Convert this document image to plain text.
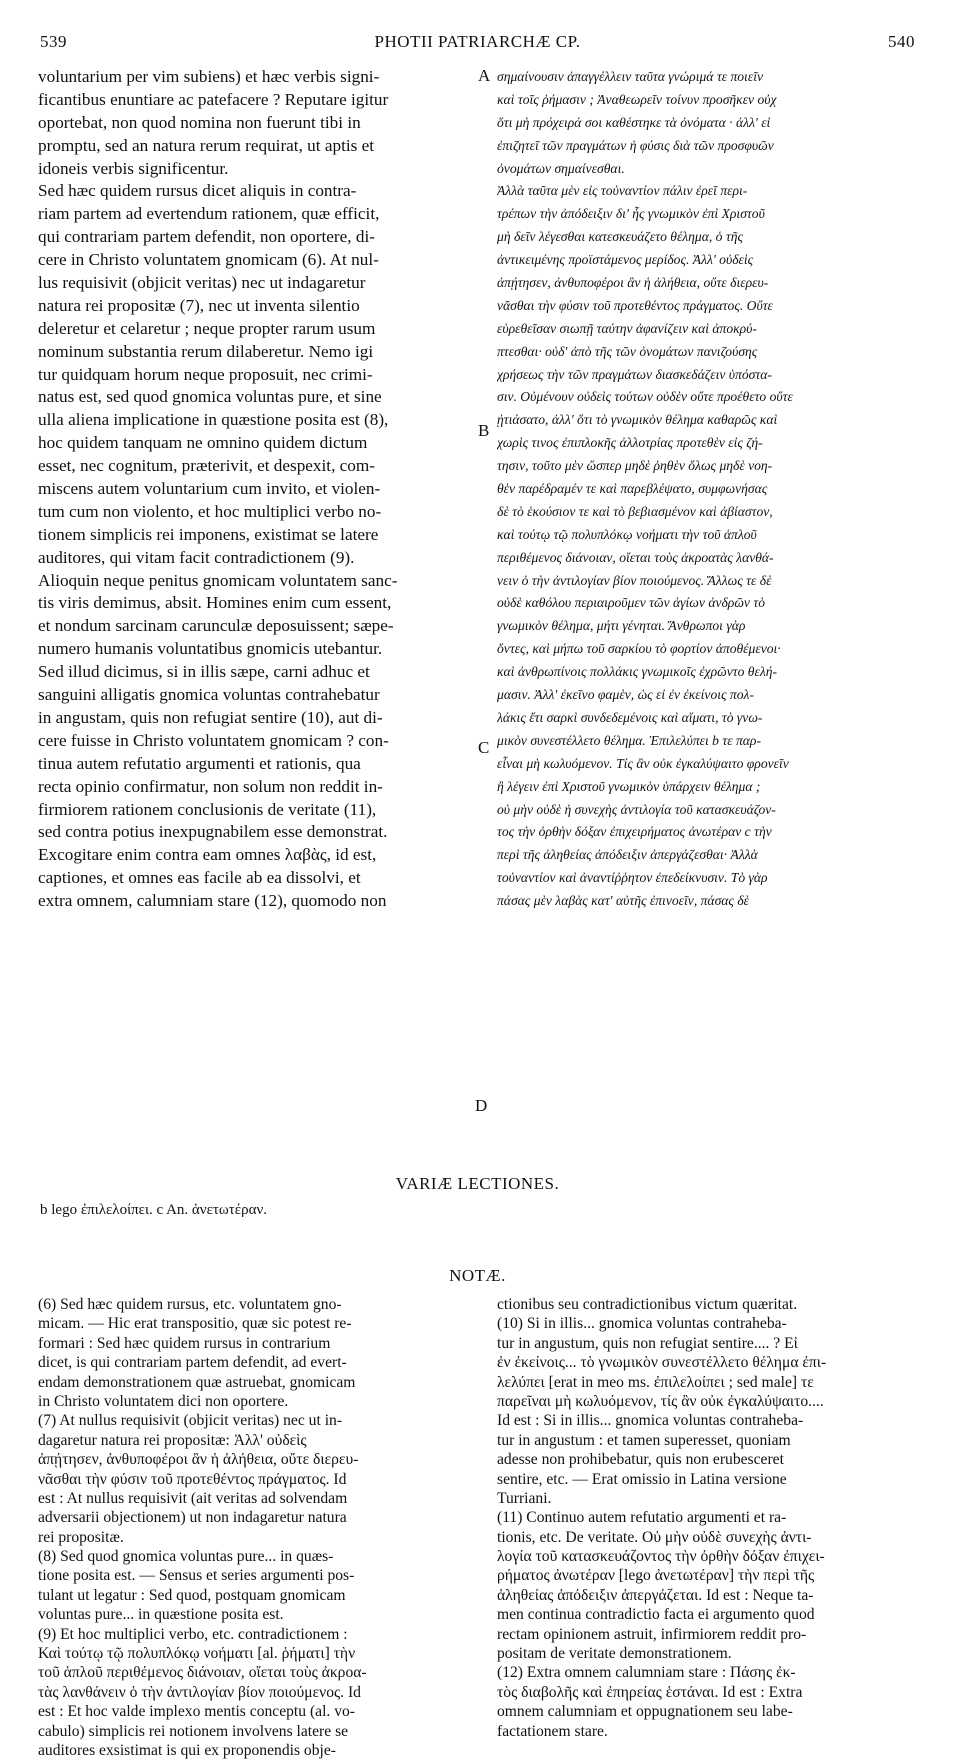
539	PHOTII PATRIARCHÆ CP.	540
voluntarium per vim subiens) et hæc verbis signi-
ficantibus enuntiare ac patefacere ? Reputare igitur
oportebat, non quod nomina non fuerunt tibi in
promptu, sed an natura rerum requirat, ut aptis et
idoneis verbis significentur.
Sed hæc quidem rursus dicet aliquis in contra-
riam partem ad evertendum rationem, quæ efficit,
qui contrariam partem defendit, non oportere, di-
cere in Christo voluntatem gnomicam (6). At nul-
lus requisivit (objicit veritas) nec ut indagaretur
natura rei propositæ (7), nec ut inventa silentio
deleretur et celaretur ; neque propter rarum usum
nominum substantia rerum dilaberetur. Nemo igi
tur quidquam horum neque proposuit, nec crimi-
natus est, sed quod gnomica voluntas pure, et sine
ulla aliena implicatione in quæstione posita est (8),
hoc quidem tanquam ne omnino quidem dictum
esset, nec cognitum, præterivit, et despexit, com-
miscens autem voluntarium cum invito, et violen-
tum cum non violento, et hoc multiplici verbo no-
tionem simplicis rei imponens, existimat se latere
auditores, qui vitam facit contradictionem (9).
Alioquin neque penitus gnomicam voluntatem sanc-
tis viris demimus, absit. Homines enim cum essent,
et nondum sarcinam carunculæ deposuissent; sæpe-
numero humanis voluntatibus gnomicis utebantur.
Sed illud dicimus, si in illis sæpe, carni adhuc et
sanguini alligatis gnomica voluntas contrahebatur
in angustam, quis non refugiat sentire (10), aut di-
cere fuisse in Christo voluntatem gnomicam ? con-
tinua autem refutatio argumenti et rationis, qua
recta opinio confirmatur, non solum non reddit in-
firmiorem rationem conclusionis de veritate (11),
sed contra potius inexpugnabilem esse demonstrat.
Excogitare enim contra eam omnes λαβὰς, id est,
captiones, et omnes eas facile ab ea dissolvi, et
extra omnem, calumniam stare (12), quomodo non
σημαίνουσιν ἀπαγγέλλειν ταῦτα γνώριμά τε ποιεῖν
καὶ τοῖς ῥήμασιν ; Ἀναθεωρεῖν τοίνυν προσῆκεν οὐχ
ὅτι μὴ πρόχειρά σοι καθέστηκε τὰ ὀνόματα · ἀλλ' εἰ
ἐπιζητεῖ τῶν πραγμάτων ἡ φύσις διὰ τῶν προσφυῶν
ὀνομάτων σημαίνεσθαι.
Ἀλλὰ ταῦτα μὲν εἰς τοὐναντίον πάλιν ἐρεῖ περι-
τρέπων τὴν ἀπόδειξιν δι' ἧς γνωμικὸν ἐπὶ Χριστοῦ
μὴ δεῖν λέγεσθαι κατεσκευάζετο θέλημα, ὁ τῆς
ἀντικειμένης προϊστάμενος μερίδος. Ἀλλ' οὐδεὶς
ἀπῄτησεν, ἀνθυποφέροι ἂν ἡ ἀλήθεια, οὔτε διερευ-
νᾶσθαι τὴν φύσιν τοῦ προτεθέντος πράγματος. Οὔτε
εὑρεθεῖσαν σιωπῇ ταύτην ἀφανίζειν καὶ ἀποκρύ-
πτεσθαι· οὐδ' ἀπὸ τῆς τῶν ὀνομάτων πανιζούσης
χρήσεως τὴν τῶν πραγμάτων διασκεδάζειν ὑπόστα-
σιν. Οὐμένουν οὐδεὶς τούτων οὐδὲν οὔτε προέθετο οὔτε
ᾐτιάσατο, ἀλλ' ὅτι τὸ γνωμικὸν θέλημα καθαρῶς καὶ
χωρὶς τινος ἐπιπλοκῆς ἀλλοτρίας προτεθὲν εἰς ζή-
τησιν, τοῦτο μὲν ὥσπερ μηδὲ ῥηθὲν ὅλως μηδὲ νοη-
θὲν παρέδραμέν τε καὶ παρεβλέψατο, συμφωνήσας
δὲ τὸ ἑκούσιον τε καὶ τὸ βεβιασμένον καὶ ἀβίαστον,
καὶ τούτῳ τῷ πολυπλόκῳ νοήματι τὴν τοῦ ἁπλοῦ
περιθέμενος διάνοιαν, οἴεται τοὺς ἀκροατὰς λανθά-
νειν ὁ τὴν ἀντιλογίαν βίον ποιούμενος. Ἄλλως τε δὲ
οὐδὲ καθόλου περιαιροῦμεν τῶν ἁγίων ἀνδρῶν τὸ
γνωμικὸν θέλημα, μήτι γένηται. Ἄνθρωποι γὰρ
ὄντες, καὶ μήπω τοῦ σαρκίου τὸ φορτίον ἀποθέμενοι·
καὶ ἀνθρωπίνοις πολλάκις γνωμικοῖς ἐχρῶντο θελή-
μασιν. Ἀλλ' ἐκεῖνο φαμὲν, ὡς εἰ ἐν ἐκείνοις πολ-
λάκις ἔτι σαρκὶ συνδεδεμένοις καὶ αἵματι, τὸ γνω-
μικὸν συνεστέλλετο θέλημα. Ἐπιλελύπει b τε παρ-
εἶναι μὴ κωλυόμενον. Τίς ἂν οὐκ ἐγκαλύψαιτο φρονεῖν
ἢ λέγειν ἐπὶ Χριστοῦ γνωμικὸν ὑπάρχειν θέλημα ;
οὐ μὴν οὐδὲ ἡ συνεχὴς ἀντιλογία τοῦ κατασκευάζον-
τος τὴν ὀρθὴν δόξαν ἐπιχειρήματος ἀνωτέραν c τὴν
περὶ τῆς ἀληθείας ἀπόδειξιν ἀπεργάζεσθαι· Ἀλλὰ
τοὐναντίον καὶ ἀναντίῤῥητον ἐπεδείκνυσιν. Τὸ γὰρ
πάσας μὲν λαβὰς κατ' αὐτῆς ἐπινοεῖν, πάσας δὲ
A
B
C
D
VARIÆ LECTIONES.
b lego ἐπιλελοίπει. c An. ἀνετωτέραν.
NOTÆ.
(6) Sed hæc quidem rursus, etc. voluntatem gno-
micam. — Hic erat transpositio, quæ sic potest re-
formari : Sed hæc quidem rursus in contrarium
dicet, is qui contrariam partem defendit, ad evert-
endam demonstrationem quæ astruebat, gnomicam
in Christo voluntatem dici non oportere.
(7) At nullus requisivit (objicit veritas) nec ut in-
dagaretur natura rei propositæ: Ἀλλ' οὐδεὶς
ἀπῄτησεν, ἀνθυποφέροι ἂν ἡ ἀλήθεια, οὔτε διερευ-
νᾶσθαι τὴν φύσιν τοῦ προτεθέντος πράγματος. Id
est : At nullus requisivit (ait veritas ad solvendam
adversarii objectionem) ut non indagaretur natura
rei propositæ.
(8) Sed quod gnomica voluntas pure... in quæs-
tione posita est. — Sensus et series argumenti pos-
tulant ut legatur : Sed quod, postquam gnomicam
voluntas pure... in quæstione posita est.
(9) Et hoc multiplici verbo, etc. contradictionem :
Καὶ τούτῳ τῷ πολυπλόκῳ νοήματι [al. ῥήματι] τὴν
τοῦ ἁπλοῦ περιθέμενος διάνοιαν, οἴεται τοὺς ἀκροα-
τὰς λανθάνειν ὁ τὴν ἀντιλογίαν βίον ποιούμενος. Id
est : Et hoc valde implexo mentis conceptu (al. vo-
cabulo) simplicis rei notionem involvens latere se
auditores exsistimat is qui ex proponendis obje-
ctionibus seu contradictionibus victum quæritat.
(10) Si in illis... gnomica voluntas contraheba-
tur in angustum, quis non refugiat sentire.... ? Εἰ
ἐν ἐκείνοις... τὸ γνωμικὸν συνεστέλλετο θέλημα ἐπι-
λελύπει [erat in meo ms. ἐπιλελοίπει ; sed male] τε
παρεῖναι μὴ κωλυόμενον, τίς ἂν οὐκ ἐγκαλύψαιτο....
Id est : Si in illis... gnomica voluntas contraheba-
tur in angustum : et tamen superesset, quoniam
adesse non prohibebatur, quis non erubesceret
sentire, etc. — Erat omissio in Latina versione
Turriani.
(11) Continuo autem refutatio argumenti et ra-
tionis, etc. De veritate. Οὐ μὴν οὐδὲ συνεχὴς ἀντι-
λογία τοῦ κατασκευάζοντος τὴν ὀρθὴν δόξαν ἐπιχει-
ρήματος ἀνωτέραν [lego ἀνετωτέραν] τὴν περὶ τῆς
ἀληθείας ἀπόδειξιν ἀπεργάζεται. Id est : Neque ta-
men continua contradictio facta ei argumento quod
rectam opinionem astruit, infirmiorem reddit pro-
positam de veritate demonstrationem.
(12) Extra omnem calumniam stare : Πάσης ἐκ-
τὸς διαβολῆς καὶ ἐπηρείας ἑστάναι. Id est : Extra
omnem calumniam et oppugnationem seu labe-
factationem stare.
